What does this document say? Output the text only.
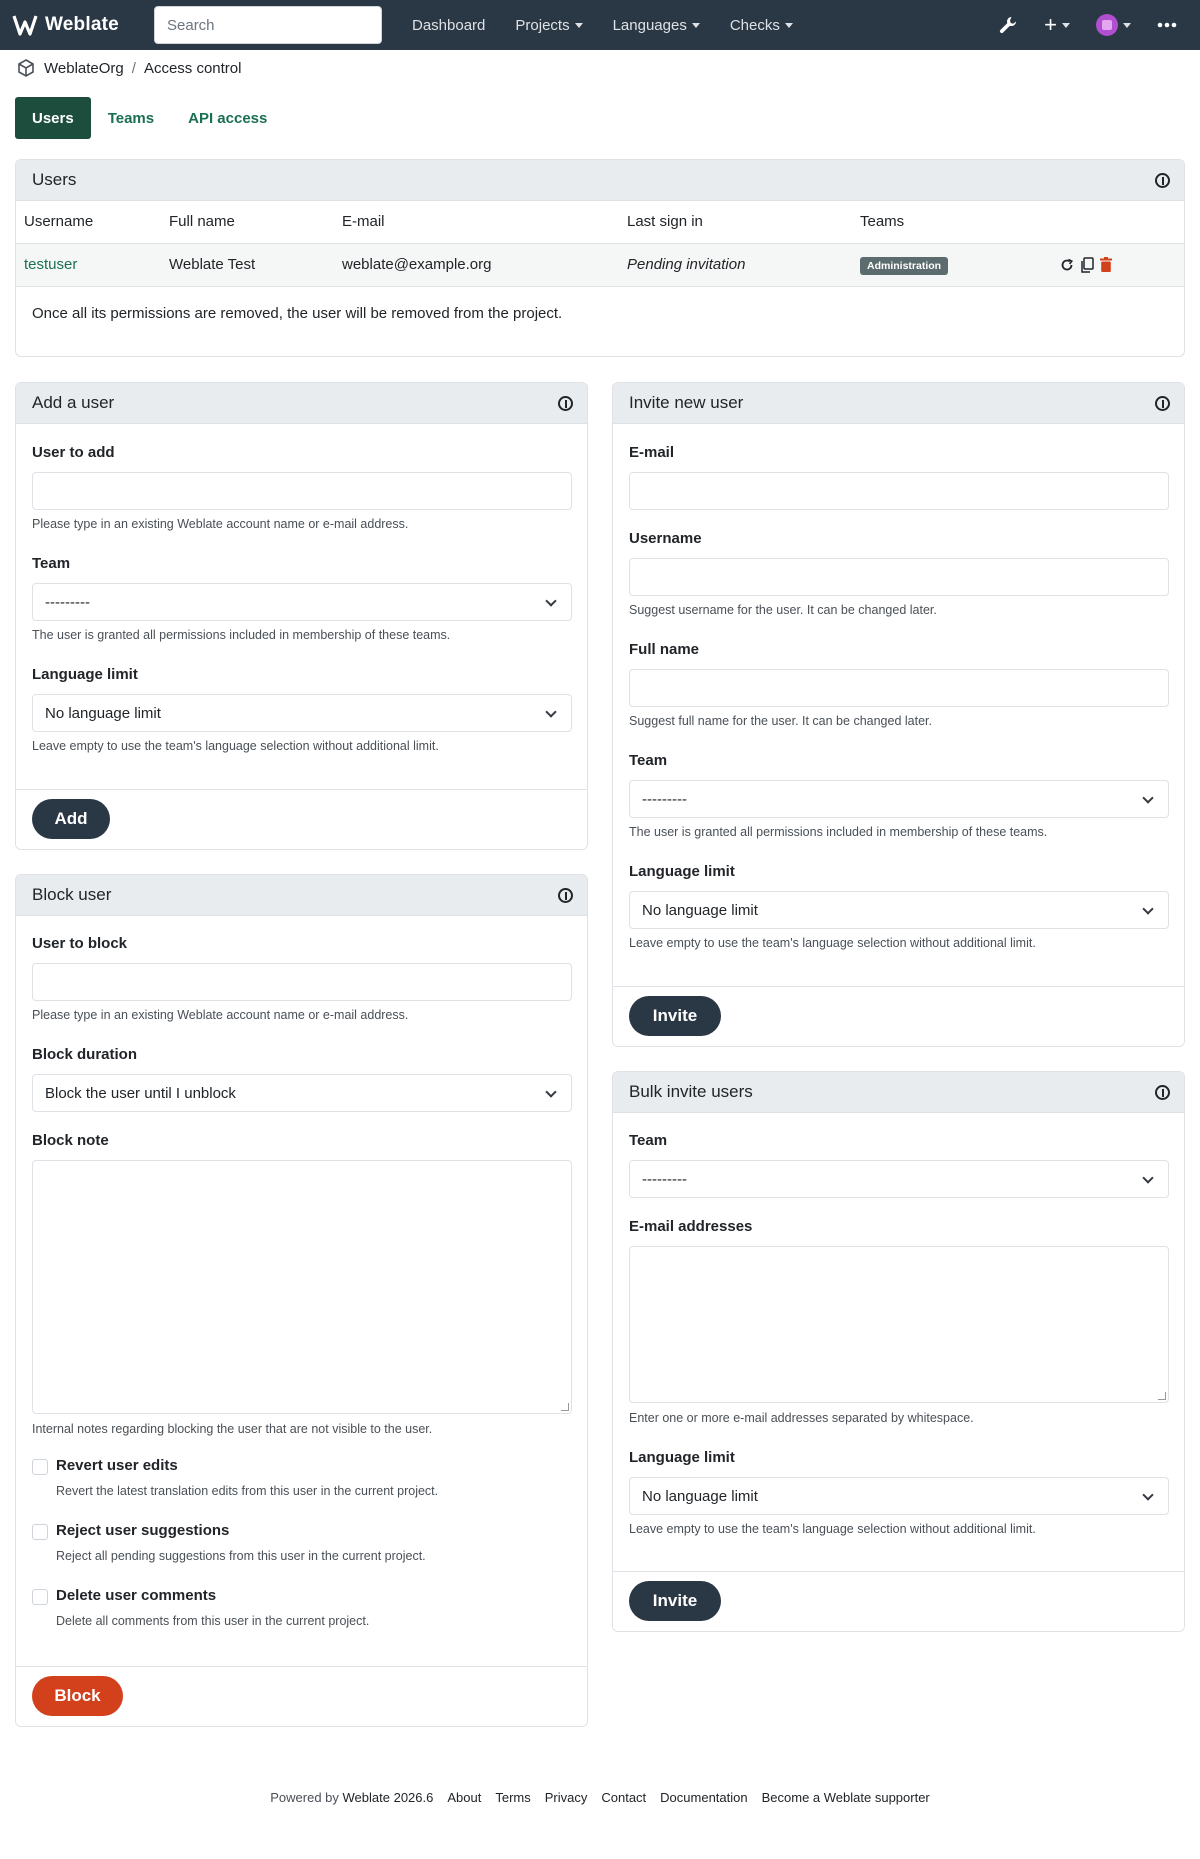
Weblate	Search	Dashboard Projects	Languages	Checks	+
WeblateOrg / Access control
Users	Teams	API access
Users
Username	Full name	E-mail	Last sign in	Teams	
testuser	Weblate Test	weblate@example.org	Pending invitation	Administration	
Once all its permissions are removed, the user will be removed from the project.
Add a user
User to add
Please type in an existing Weblate account name or e-mail address.
Team
---------
The user is granted all permissions included in membership of these teams.
Language limit
No language limit
Leave empty to use the team's language selection without additional limit.
Add
Block user
User to block
Please type in an existing Weblate account name or e-mail address.
Block duration
Block the user until I unblock
Block note
Internal notes regarding blocking the user that are not visible to the user.
Revert user edits
Revert the latest translation edits from this user in the current project.
Reject user suggestions
Reject all pending suggestions from this user in the current project.
Delete user comments
Delete all comments from this user in the current project.
Block
Invite new user
E-mail
Username
Suggest username for the user. It can be changed later.
Full name
Suggest full name for the user. It can be changed later.
Team
---------
The user is granted all permissions included in membership of these teams.
Language limit
No language limit
Leave empty to use the team's language selection without additional limit.
Invite
Bulk invite users
Team
---------
E-mail addresses
Enter one or more e-mail addresses separated by whitespace.
Language limit
No language limit
Leave empty to use the team's language selection without additional limit.
Invite
Powered by Weblate 2026.6 About Terms Privacy Contact Documentation Become a Weblate supporter
